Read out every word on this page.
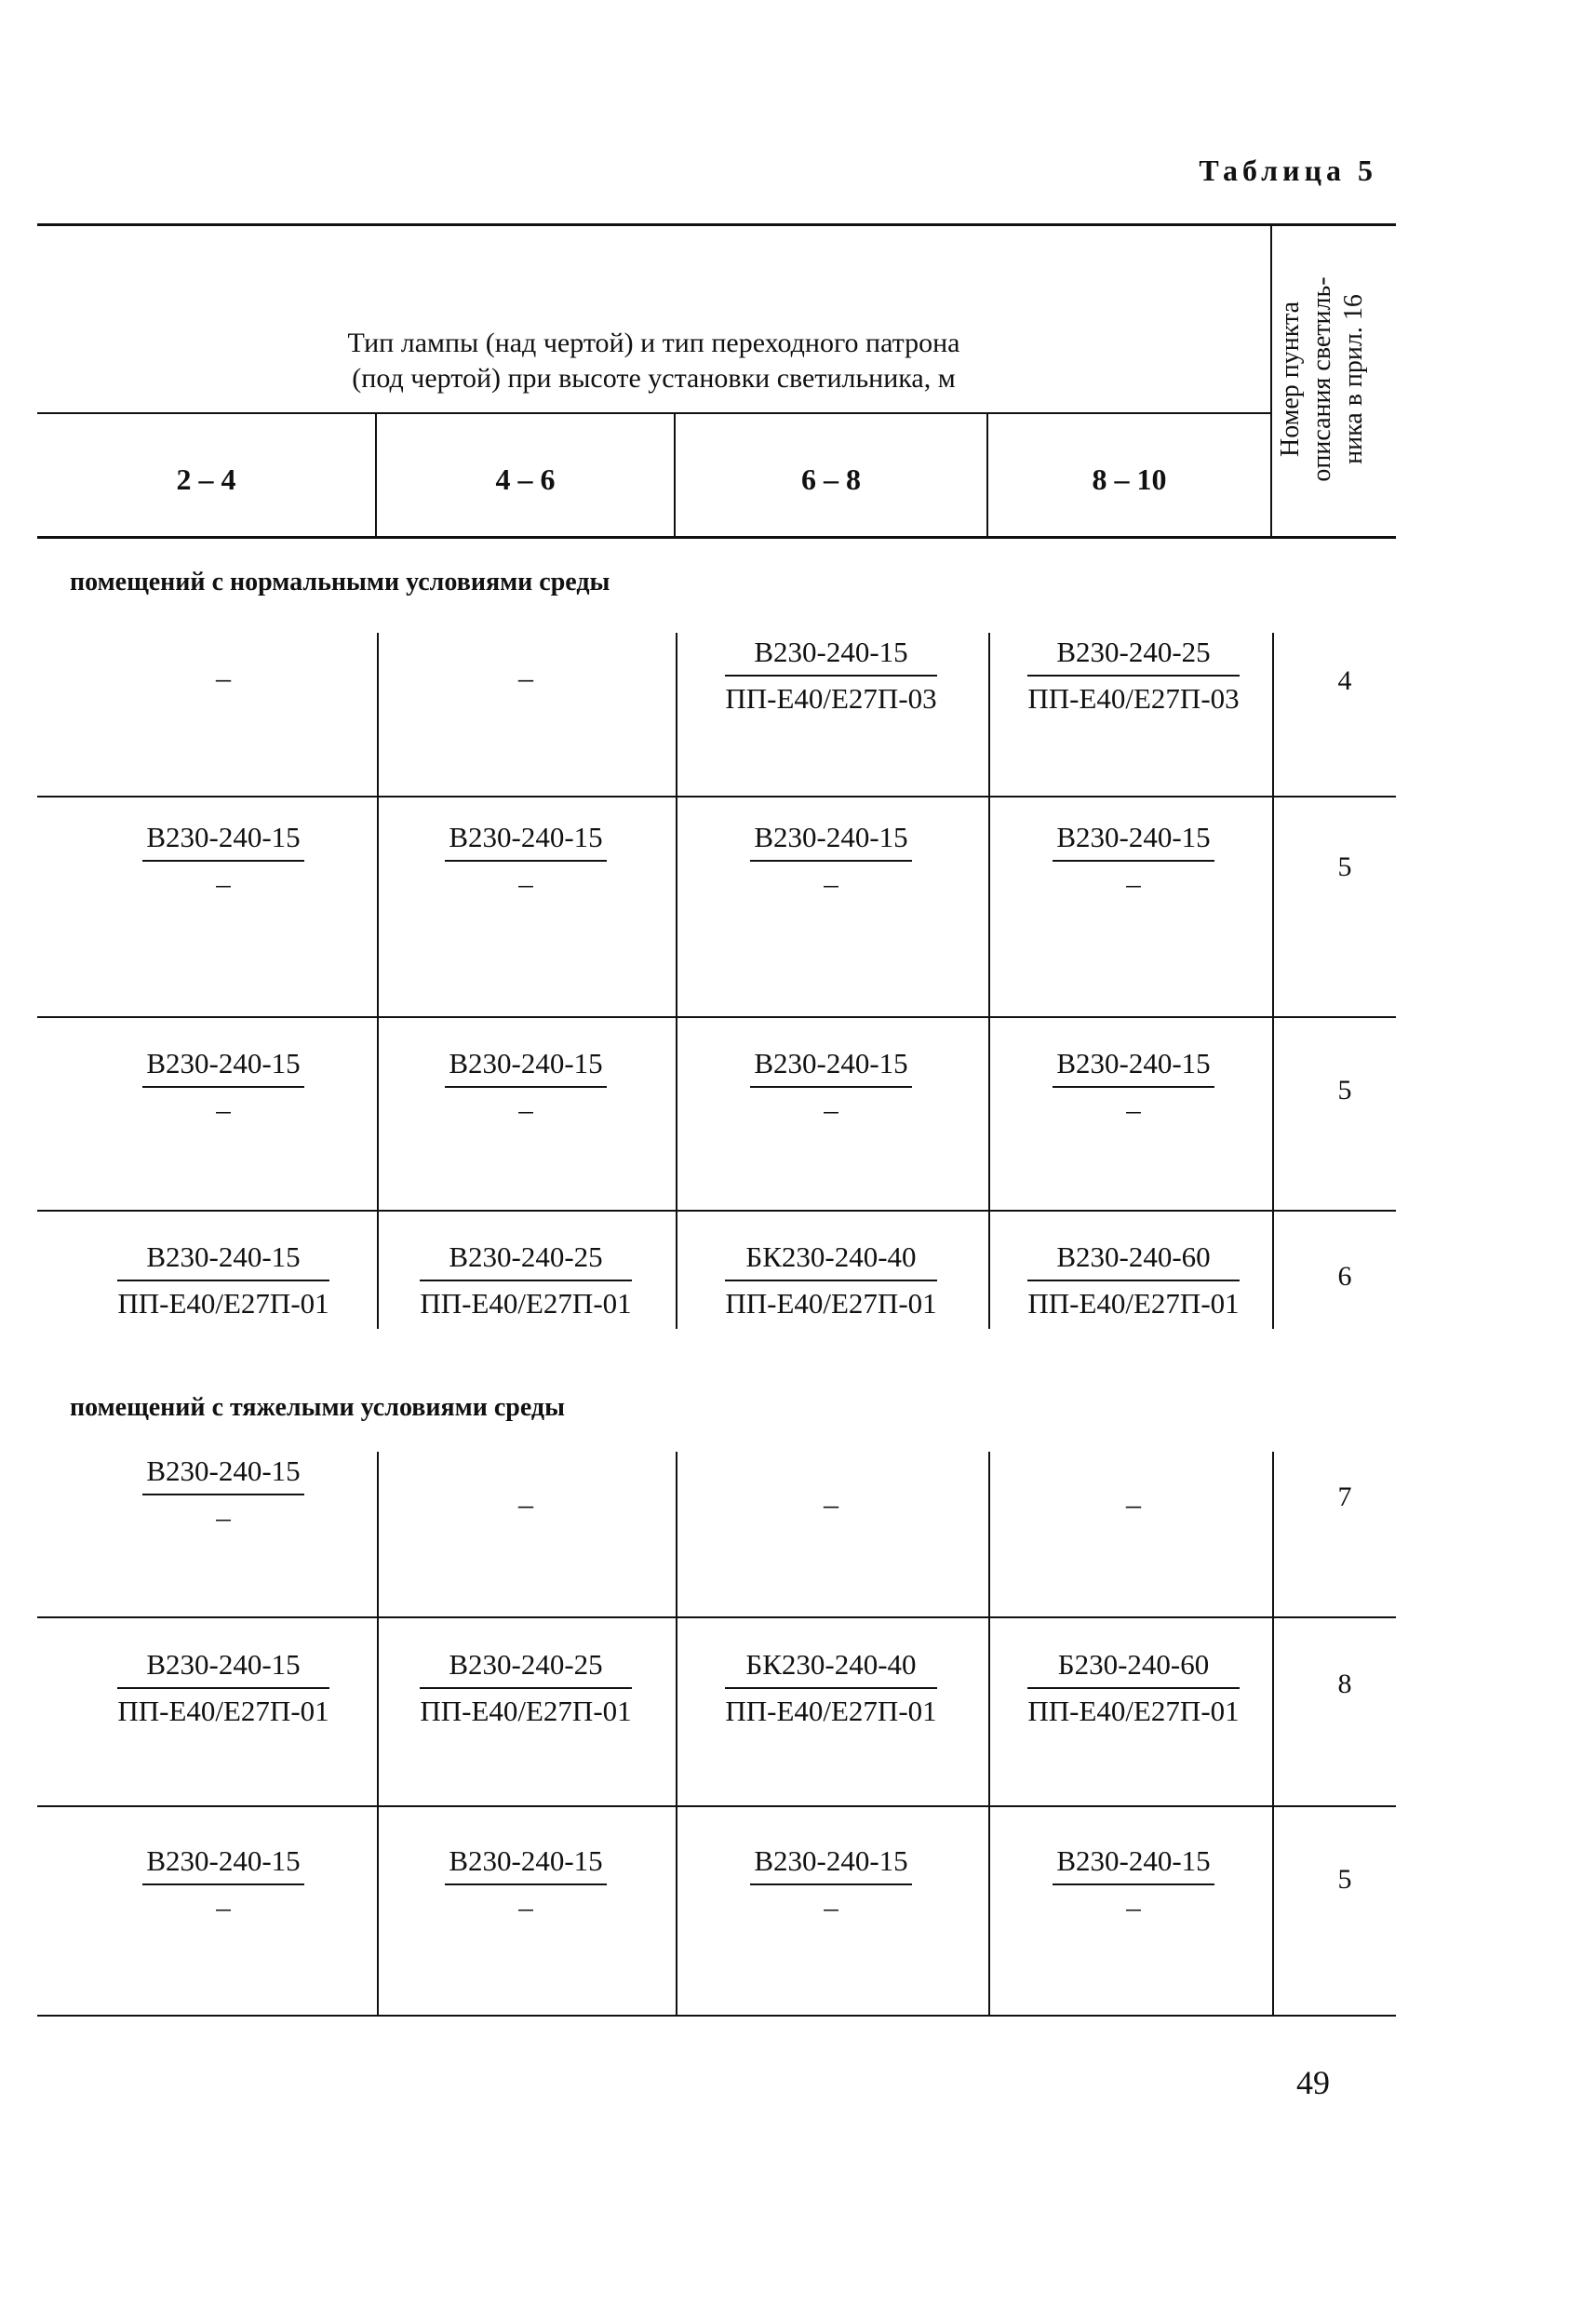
Таблица 5
Тип лампы (над чертой) и тип переходного патрона
(под чертой) при высоте установки светильника, м
2 – 4	4 – 6	6 – 8	8 – 10
Номер пункта описания светиль- ника в прил. 16
помещений с нормальными условиями среды
–	–	$\frac{В230-240-15}{ПП-Е40/Е27П-03}$	$\frac{В230-240-25}{ПП-Е40/Е27П-03}$	4
$\frac{В230-240-15}{-}$	$\frac{В230-240-15}{-}$	$\frac{В230-240-15}{-}$	$\frac{В230-240-15}{-}$	5
$\frac{В230-240-15}{-}$	$\frac{В230-240-15}{-}$	$\frac{В230-240-15}{-}$	$\frac{В230-240-15}{-}$	5
$\frac{В230-240-15}{ПП-Е40/Е27П-01}$	$\frac{В230-240-25}{ПП-Е40/Е27П-01}$	$\frac{БК230-240-40}{ПП-Е40/Е27П-01}$	$\frac{В230-240-60}{ПП-Е40/Е27П-01}$	6
$\frac{В230-240-15}{-}$	–	–	–	7
$\frac{В230-240-15}{ПП-Е40/Е27П-01}$	$\frac{В230-240-25}{ПП-Е40/Е27П-01}$	$\frac{БК230-240-40}{ПП-Е40/Е27П-01}$	$\frac{Б230-240-60}{ПП-Е40/Е27П-01}$	8
$\frac{В230-240-15}{-}$	$\frac{В230-240-15}{-}$	$\frac{В230-240-15}{-}$	$\frac{В230-240-15}{-}$	5
помещений с тяжелыми условиями среды
49
